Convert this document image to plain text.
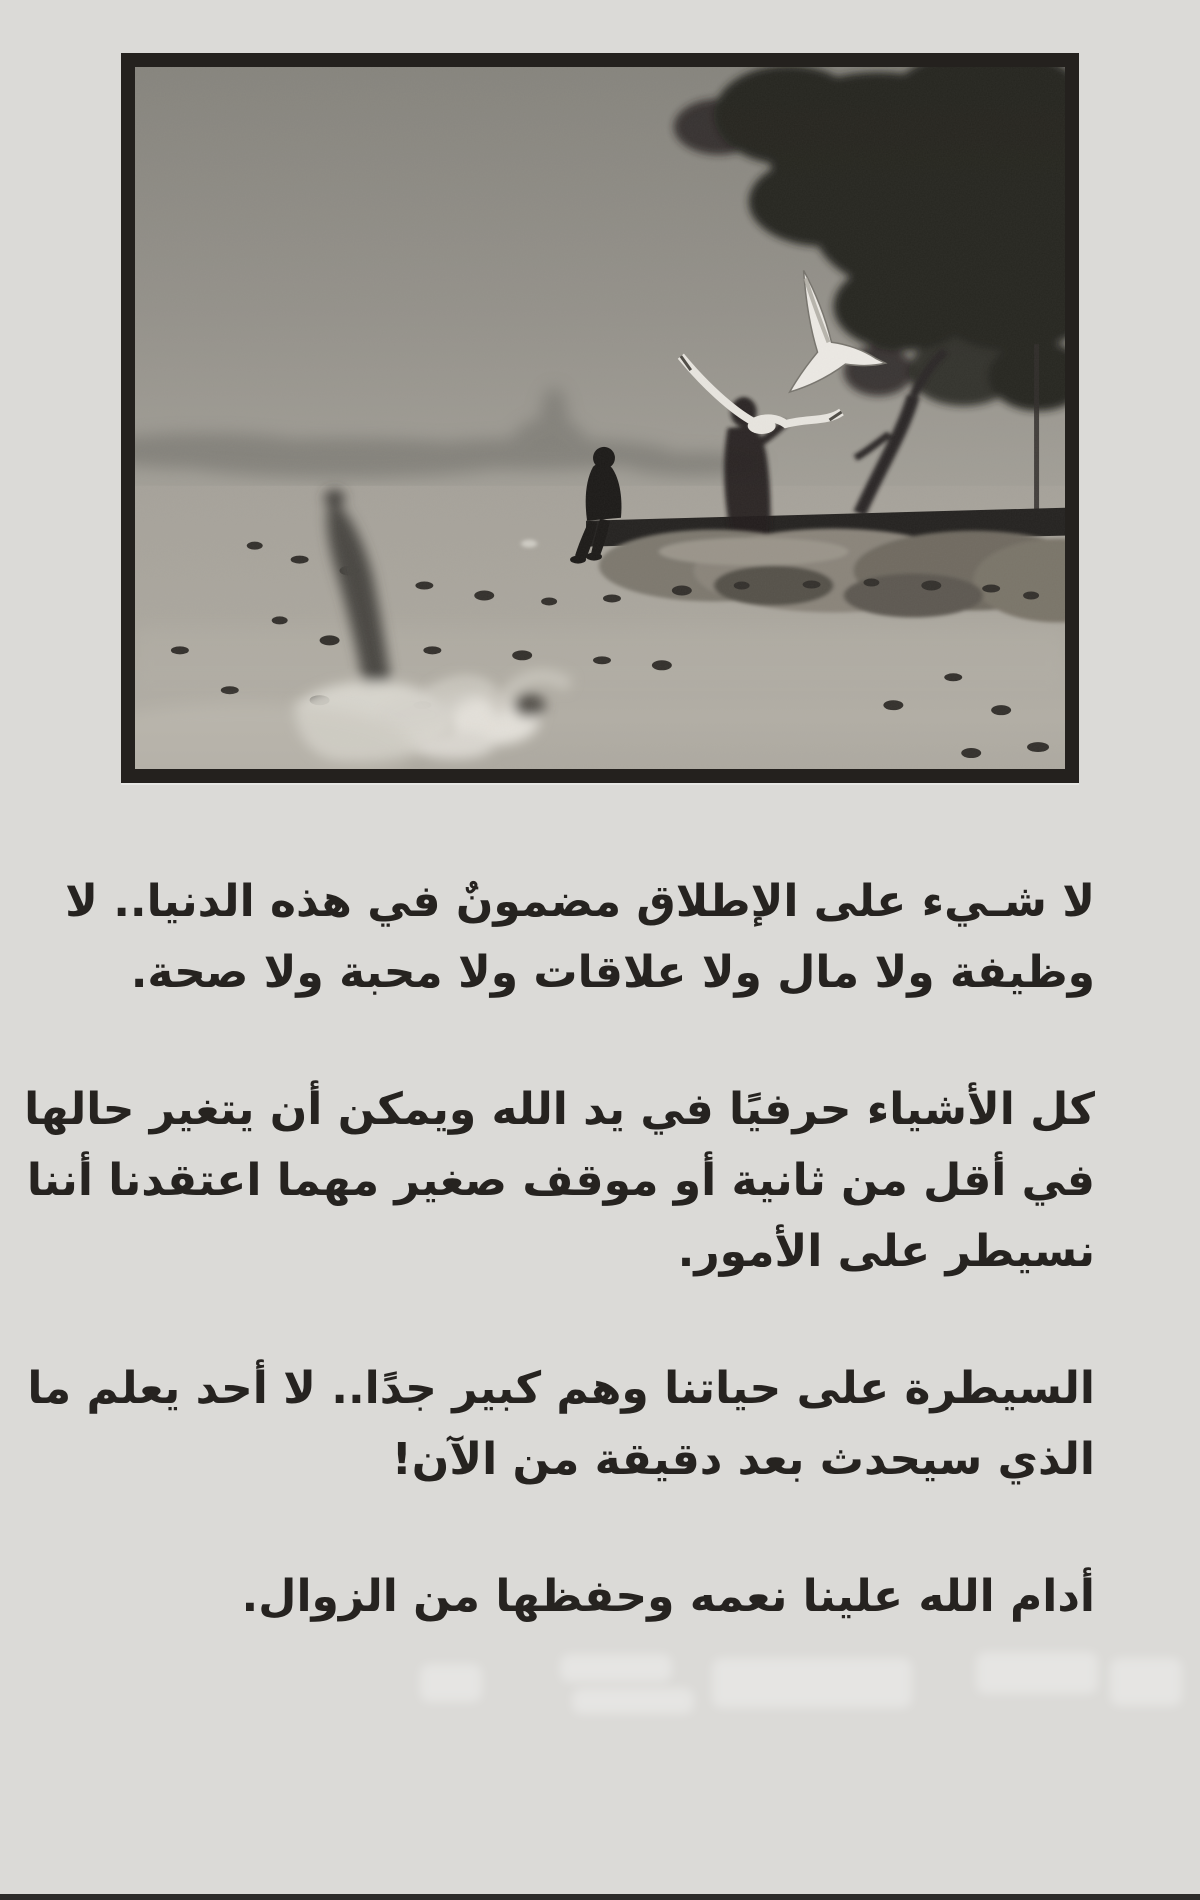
لا شـيء على الإطلاق مضمونٌ في هذه الدنيا.. لا
وظيفة ولا مال ولا علاقات ولا محبة ولا صحة.

كل الأشياء حرفيًا في يد الله ويمكن أن يتغير حالها
في أقل من ثانية أو موقف صغير مهما اعتقدنا أننا
نسيطر على الأمور.

السيطرة على حياتنا وهم كبير جدًا.. لا أحد يعلم ما
الذي سيحدث بعد دقيقة من الآن!

أدام الله علينا نعمه وحفظها من الزوال.
